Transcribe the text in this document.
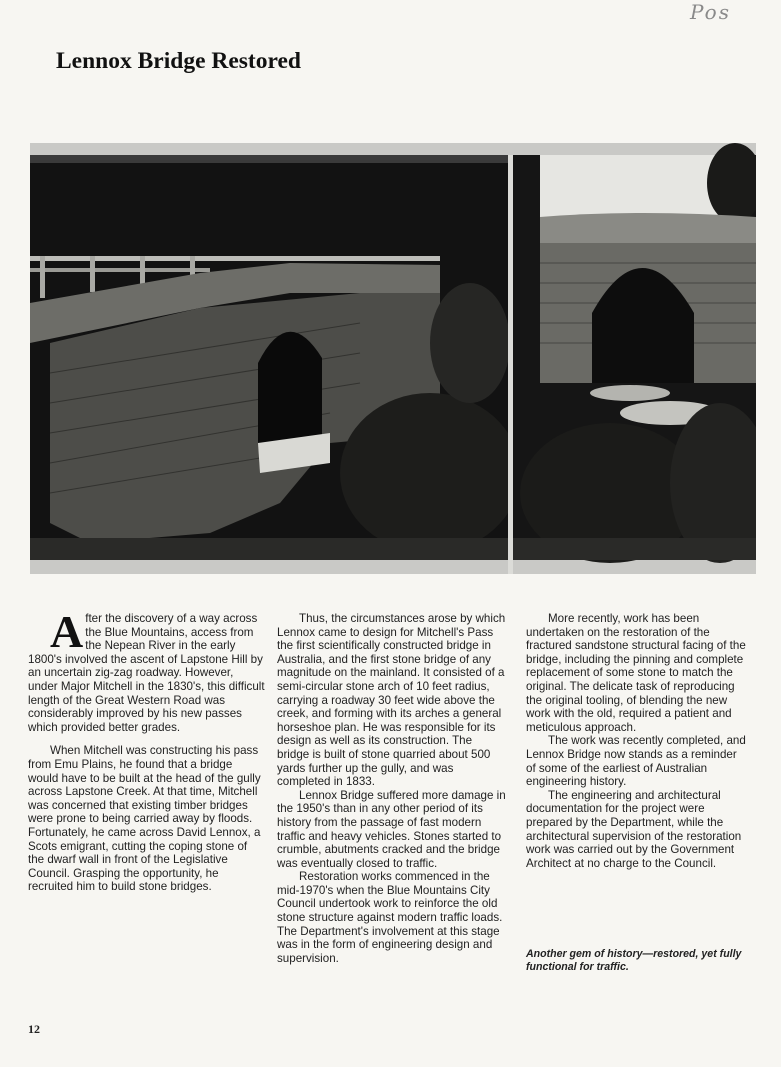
Pos
Lennox Bridge Restored

After the discovery of a way across the Blue Mountains, access from the Nepean River in the early 1800's involved the ascent of Lapstone Hill by an uncertain zig-zag roadway. However, under Major Mitchell in the 1830's, this difficult length of the Great Western Road was considerably improved by his new passes which provided better grades.

When Mitchell was constructing his pass from Emu Plains, he found that a bridge would have to be built at the head of the gully across Lapstone Creek. At that time, Mitchell was concerned that existing timber bridges were prone to being carried away by floods. Fortunately, he came across David Lennox, a Scots emigrant, cutting the coping stone of the dwarf wall in front of the Legislative Council. Grasping the opportunity, he recruited him to build stone bridges.

Thus, the circumstances arose by which Lennox came to design for Mitchell's Pass the first scientifically constructed bridge in Australia, and the first stone bridge of any magnitude on the mainland. It consisted of a semi-circular stone arch of 10 feet radius, carrying a roadway 30 feet wide above the creek, and forming with its arches a general horseshoe plan. He was responsible for its design as well as its construction. The bridge is built of stone quarried about 500 yards further up the gully, and was completed in 1833.

Lennox Bridge suffered more damage in the 1950's than in any other period of its history from the passage of fast modern traffic and heavy vehicles. Stones started to crumble, abutments cracked and the bridge was eventually closed to traffic.

Restoration works commenced in the mid-1970's when the Blue Mountains City Council undertook work to reinforce the old stone structure against modern traffic loads. The Department's involvement at this stage was in the form of engineering design and supervision.

More recently, work has been undertaken on the restoration of the fractured sandstone structural facing of the bridge, including the pinning and complete replacement of some stone to match the original. The delicate task of reproducing the original tooling, of blending the new work with the old, required a patient and meticulous approach.

The work was recently completed, and Lennox Bridge now stands as a reminder of some of the earliest of Australian engineering history.

The engineering and architectural documentation for the project were prepared by the Department, while the architectural supervision of the restoration work was carried out by the Government Architect at no charge to the Council.

Another gem of history—restored, yet fully functional for traffic.
12
